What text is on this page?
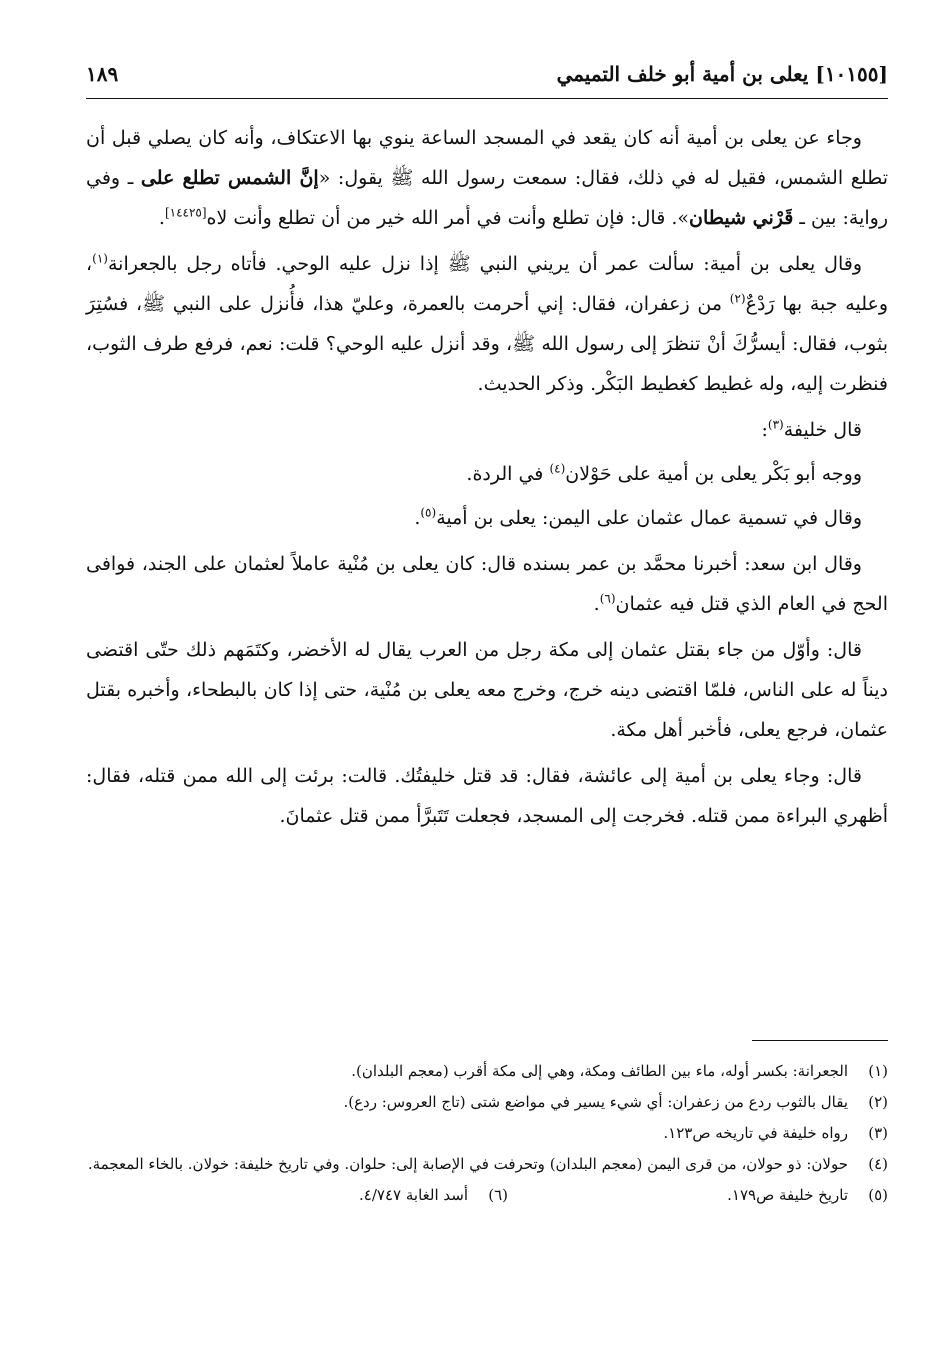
[١٠١٥٥] يعلى بن أمية أبو خلف التميمي
١٨٩

وجاء عن يعلى بن أمية أنه كان يقعد في المسجد الساعة ينوي بها الاعتكاف، وأنه كان يصلي قبل أن تطلع الشمس، فقيل له في ذلك، فقال: سمعت رسول الله ﷺ يقول: «إنَّ الشمس تطلع على ـ وفي رواية: بين ـ قَرْني شيطان». قال: فإن تطلع وأنت في أمر الله خير من أن تطلع وأنت لاه[١٤٤٢٥].

وقال يعلى بن أمية: سألت عمر أن يريني النبي ﷺ إذا نزل عليه الوحي. فأتاه رجل بالجعرانة$^{(١)}$، وعليه جبة بها رَدْعٌ$^{(٢)}$ من زعفران، فقال: إني أحرمت بالعمرة، وعليّ هذا، فأُنزل على النبي ﷺ، فسُتِرَ بثوب، فقال: أيسرُّكَ أنْ تنظرَ إلى رسول الله ﷺ، وقد أنزل عليه الوحي؟ قلت: نعم، فرفع طرف الثوب، فنظرت إليه، وله غطيط كغطيط البَكْر. وذكر الحديث.

قال خليفة$^{(٣)}$:

ووجه أبو بَكْر يعلى بن أمية على حَوْلان$^{(٤)}$ في الردة.

وقال في تسمية عمال عثمان على اليمن: يعلى بن أمية$^{(٥)}$.

وقال ابن سعد: أخبرنا محمَّد بن عمر بسنده قال: كان يعلى بن مُنْية عاملاً لعثمان على الجند، فوافى الحج في العام الذي قتل فيه عثمان$^{(٦)}$.

قال: وأوّل من جاء بقتل عثمان إلى مكة رجل من العرب يقال له الأخضر، وكتَمَهم ذلك حتّى اقتضى ديناً له على الناس، فلمّا اقتضى دينه خرج، وخرج معه يعلى بن مُنْية، حتى إذا كان بالبطحاء، وأخبره بقتل عثمان، فرجع يعلى، فأخبر أهل مكة.

قال: وجاء يعلى بن أمية إلى عائشة، فقال: قد قتل خليفتُك. قالت: برئت إلى الله ممن قتله، فقال: أظهري البراءة ممن قتله. فخرجت إلى المسجد، فجعلت تَتَبرَّأ ممن قتل عثمانَ.

(١)
الجعرانة: بكسر أوله، ماء بين الطائف ومكة، وهي إلى مكة أقرب (معجم البلدان).

(٢)
يقال بالثوب ردع من زعفران: أي شيء يسير في مواضع شتى (تاج العروس: ردع).

(٣)
رواه خليفة في تاريخه ص١٢٣.

(٤)
حولان: ذو حولان، من قرى اليمن (معجم البلدان) وتحرفت في الإصابة إلى: حلوان. وفي تاريخ خليفة: خولان. بالخاء المعجمة.

(٥)
تاريخ خليفة ص١٧٩.
(٦)
أسد الغابة ٤/٧٤٧.
